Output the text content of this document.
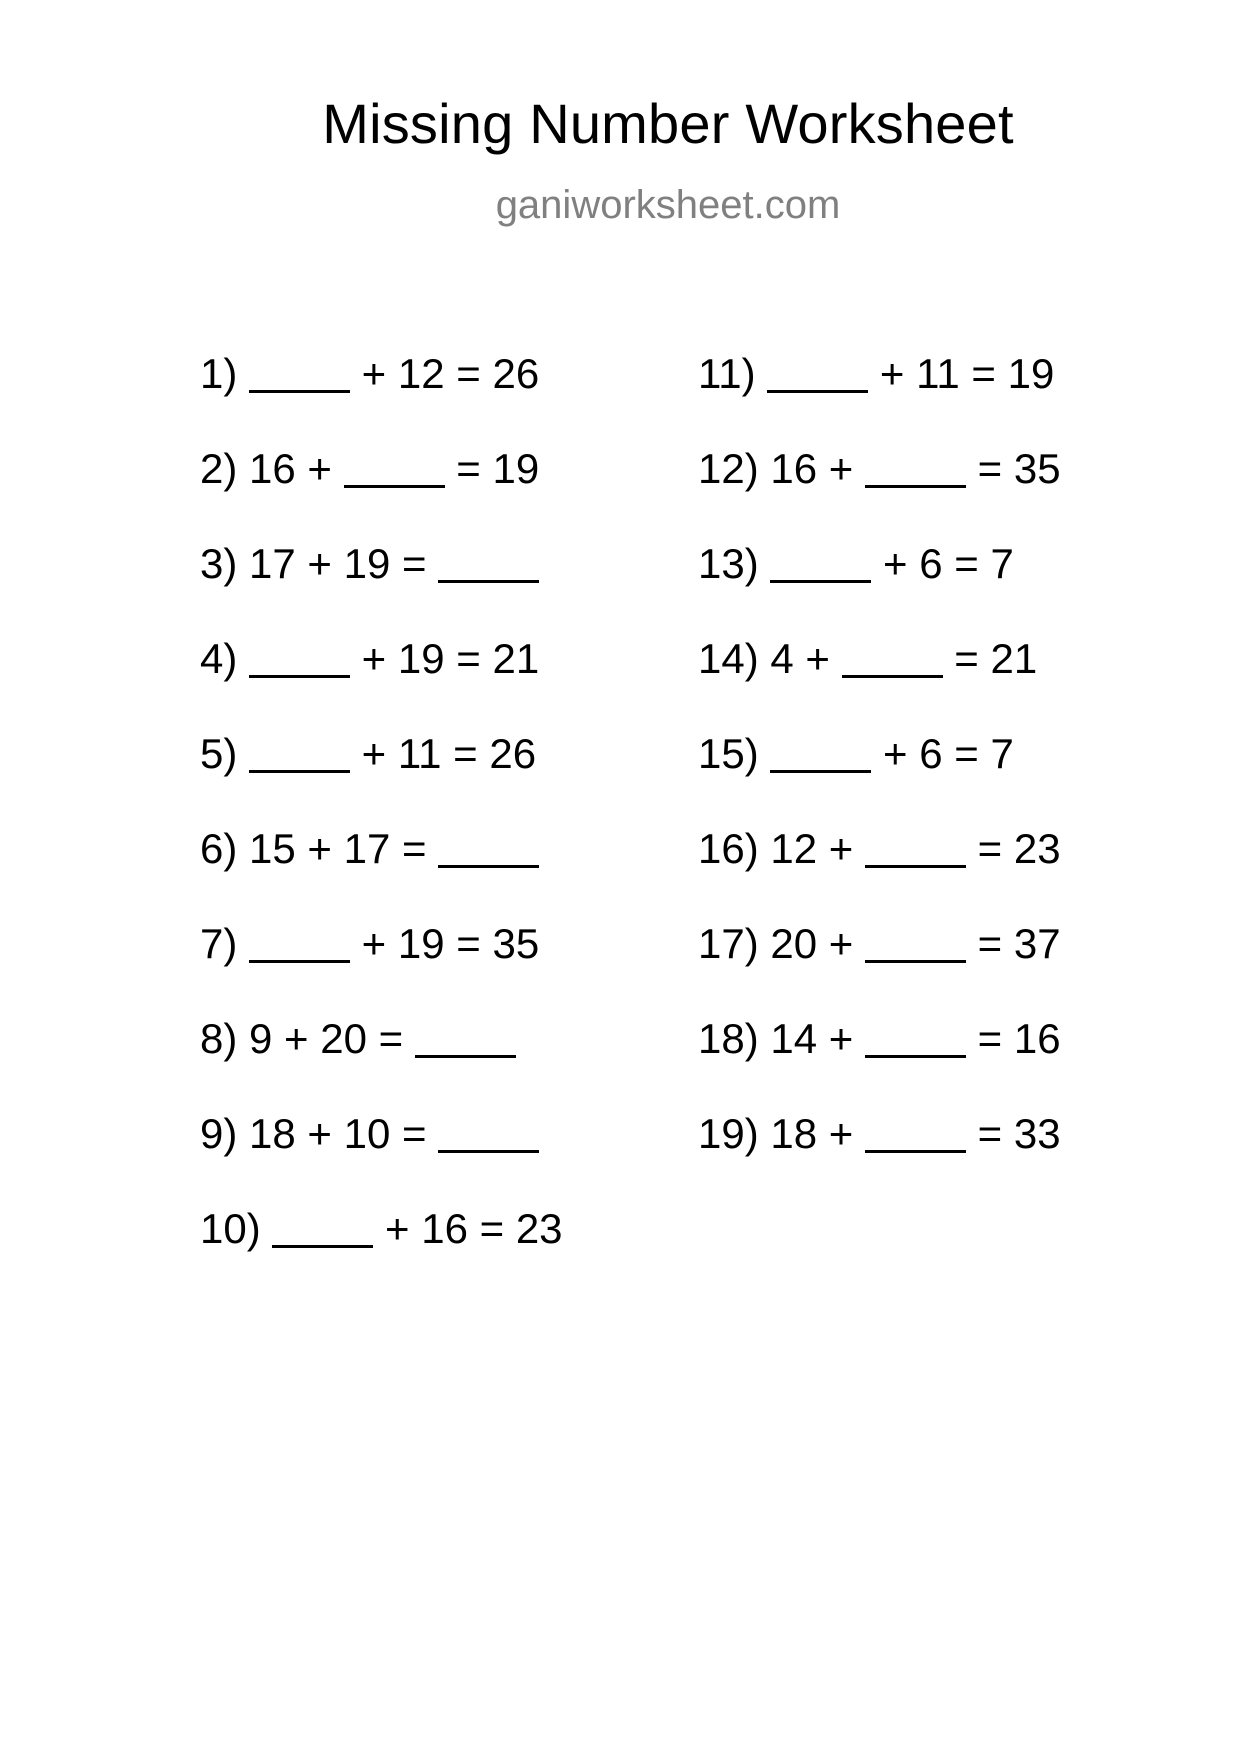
Missing Number Worksheet
ganiworksheet.com
1)  + 12 = 26
2) 16 +  = 19
3) 17 + 19 =
4)  + 19 = 21
5)  + 11 = 26
6) 15 + 17 =
7)  + 19 = 35
8) 9 + 20 =
9) 18 + 10 =
10)  + 16 = 23
11)  + 11 = 19
12) 16 +  = 35
13)  + 6 = 7
14) 4 +  = 21
15)  + 6 = 7
16) 12 +  = 23
17) 20 +  = 37
18) 14 +  = 16
19) 18 +  = 33
